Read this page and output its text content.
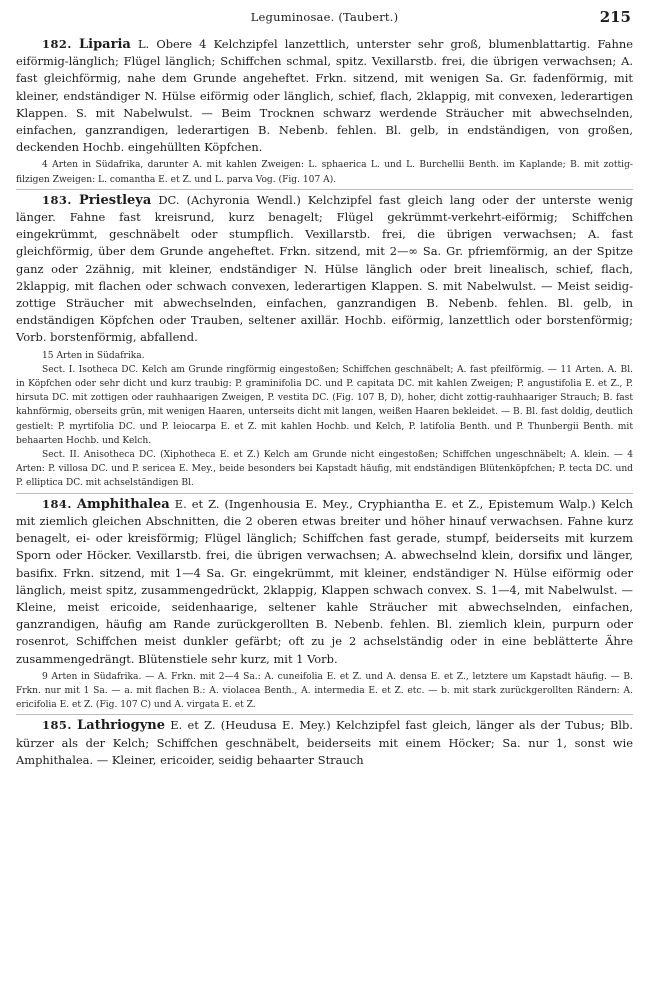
Leguminosae. (Taubert.)	215

182. Liparia L. Obere 4 Kelchzipfel lanzettlich, unterster sehr groß, blumenblattartig. Fahne eiförmig-länglich; Flügel länglich; Schiffchen schmal, spitz. Vexillarstb. frei, die übrigen verwachsen; A. fast gleichförmig, nahe dem Grunde angeheftet. Frkn. sitzend, mit wenigen Sa. Gr. fadenförmig, mit kleiner, endständiger N. Hülse eiförmig oder länglich, schief, flach, 2klappig, mit convexen, lederartigen Klappen. S. mit Nabelwulst. — Beim Trocknen schwarz werdende Sträucher mit abwechselnden, einfachen, ganzrandigen, lederartigen B. Nebenb. fehlen. Bl. gelb, in endständigen, von großen, deckenden Hochb. eingehüllten Köpfchen.

4 Arten in Südafrika, darunter A. mit kahlen Zweigen: L. sphaerica L. und L. Burchellii Benth. im Kaplande; B. mit zottig-filzigen Zweigen: L. comantha E. et Z. und L. parva Vog. (Fig. 107 A).

183. Priestleya DC. (Achyronia Wendl.) Kelchzipfel fast gleich lang oder der unterste wenig länger. Fahne fast kreisrund, kurz benagelt; Flügel gekrümmt-verkehrt-eiförmig; Schiffchen eingekrümmt, geschnäbelt oder stumpflich. Vexillarstb. frei, die übrigen verwachsen; A. fast gleichförmig, über dem Grunde angeheftet. Frkn. sitzend, mit 2—∞ Sa. Gr. pfriemförmig, an der Spitze ganz oder 2zähnig, mit kleiner, endständiger N. Hülse länglich oder breit linealisch, schief, flach, 2klappig, mit flachen oder schwach convexen, lederartigen Klappen. S. mit Nabelwulst. — Meist seidig-zottige Sträucher mit abwechselnden, einfachen, ganzrandigen B. Nebenb. fehlen. Bl. gelb, in endständigen Köpfchen oder Trauben, seltener axillär. Hochb. eiförmig, lanzettlich oder borstenförmig; Vorb. borstenförmig, abfallend.

15 Arten in Südafrika.

Sect. I. Isotheca DC. Kelch am Grunde ringförmig eingestoßen; Schiffchen geschnäbelt; A. fast pfeilförmig. — 11 Arten. A. Bl. in Köpfchen oder sehr dicht und kurz traubig: P. graminifolia DC. und P. capitata DC. mit kahlen Zweigen; P. angustifolia E. et Z., P. hirsuta DC. mit zottigen oder rauhhaarigen Zweigen, P. vestita DC. (Fig. 107 B, D), hoher, dicht zottig-rauhhaariger Strauch; B. fast kahnförmig, oberseits grün, mit wenigen Haaren, unterseits dicht mit langen, weißen Haaren bekleidet. — B. Bl. fast doldig, deutlich gestielt: P. myrtifolia DC. und P. leiocarpa E. et Z. mit kahlen Hochb. und Kelch, P. latifolia Benth. und P. Thunbergii Benth. mit behaarten Hochb. und Kelch.

Sect. II. Anisotheca DC. (Xiphotheca E. et Z.) Kelch am Grunde nicht eingestoßen; Schiffchen ungeschnäbelt; A. klein. — 4 Arten: P. villosa DC. und P. sericea E. Mey., beide besonders bei Kapstadt häufig, mit endständigen Blütenköpfchen; P. tecta DC. und P. elliptica DC. mit achselständigen Bl.

184. Amphithalea E. et Z. (Ingenhousia E. Mey., Cryphiantha E. et Z., Epistemum Walp.) Kelch mit ziemlich gleichen Abschnitten, die 2 oberen etwas breiter und höher hinauf verwachsen. Fahne kurz benagelt, ei- oder kreisförmig; Flügel länglich; Schiffchen fast gerade, stumpf, beiderseits mit kurzem Sporn oder Höcker. Vexillarstb. frei, die übrigen verwachsen; A. abwechselnd klein, dorsifix und länger, basifix. Frkn. sitzend, mit 1—4 Sa. Gr. eingekrümmt, mit kleiner, endständiger N. Hülse eiförmig oder länglich, meist spitz, zusammengedrückt, 2klappig, Klappen schwach convex. S. 1—4, mit Nabelwulst. — Kleine, meist ericoide, seidenhaarige, seltener kahle Sträucher mit abwechselnden, einfachen, ganzrandigen, häufig am Rande zurückgerollten B. Nebenb. fehlen. Bl. ziemlich klein, purpurn oder rosenrot, Schiffchen meist dunkler gefärbt; oft zu je 2 achselständig oder in eine beblätterte Ähre zusammengedrängt. Blütenstiele sehr kurz, mit 1 Vorb.

9 Arten in Südafrika. — A. Frkn. mit 2—4 Sa.: A. cuneifolia E. et Z. und A. densa E. et Z., letztere um Kapstadt häufig. — B. Frkn. nur mit 1 Sa. — a. mit flachen B.: A. violacea Benth., A. intermedia E. et Z. etc. — b. mit stark zurückgerollten Rändern: A. ericifolia E. et Z. (Fig. 107 C) und A. virgata E. et Z.

185. Lathriogyne E. et Z. (Heudusa E. Mey.) Kelchzipfel fast gleich, länger als der Tubus; Blb. kürzer als der Kelch; Schiffchen geschnäbelt, beiderseits mit einem Höcker; Sa. nur 1, sonst wie Amphithalea. — Kleiner, ericoider, seidig behaarter Strauch
